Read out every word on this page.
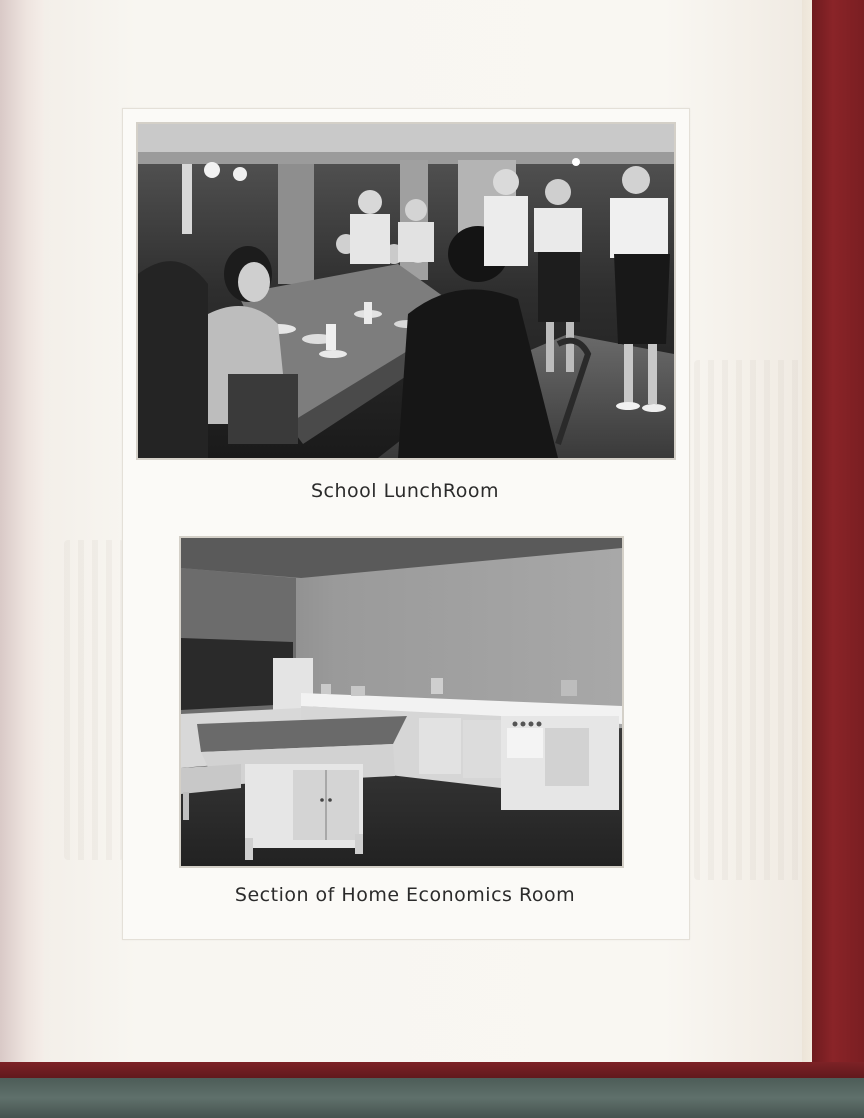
School LunchRoom
Section of Home Economics Room
